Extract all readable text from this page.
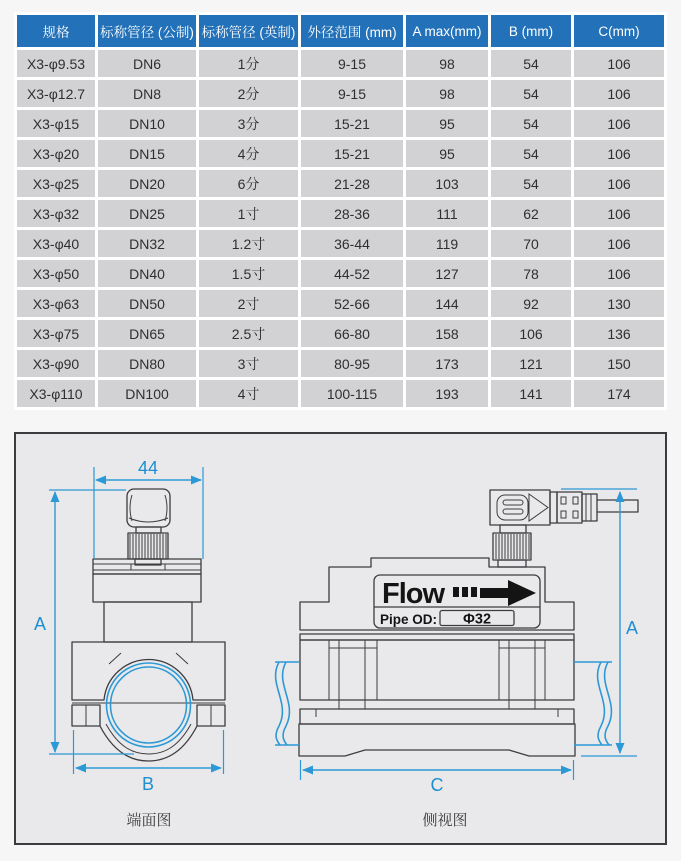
规格	标称管径 (公制)	标称管径 (英制)	外径范围 (mm)	A max(mm)	B (mm)	C(mm)
X3-φ9.53	DN6	1分	9-15	98	54	106
X3-φ12.7	DN8	2分	9-15	98	54	106
X3-φ15	DN10	3分	15-21	95	54	106
X3-φ20	DN15	4分	15-21	95	54	106
X3-φ25	DN20	6分	21-28	103	54	106
X3-φ32	DN25	1寸	28-36	111	62	106
X3-φ40	DN32	1.2寸	36-44	119	70	106
X3-φ50	DN40	1.5寸	44-52	127	78	106
X3-φ63	DN50	2寸	52-66	144	92	130
X3-φ75	DN65	2.5寸	66-80	158	106	136
X3-φ90	DN80	3寸	80-95	173	121	150
X3-φ110	DN100	4寸	100-115	193	141	174
44
A
B
端面图
Flow
Pipe OD: Φ32	A
C
侧视图
